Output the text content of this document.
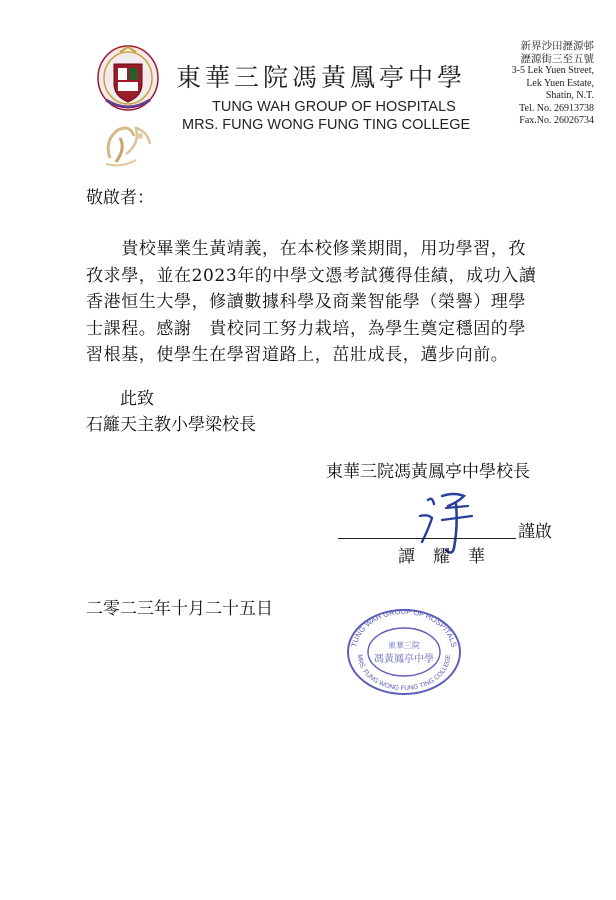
東華三院馮黃鳳亭中學
TUNG WAH GROUP OF HOSPITALS
MRS. FUNG WONG FUNG TING COLLEGE
新界沙田瀝源邨
瀝源街三至五號
3-5 Lek Yuen Street,
Lek Yuen Estate,
Shatin, N.T.
Tel. No. 26913738
Fax.No. 26026734
敬啟者：
　　貴校畢業生黃靖義，在本校修業期間，用功學習，孜
孜求學，並在2023年的中學文憑考試獲得佳績，成功入讀
香港恒生大學，修讀數據科學及商業智能學（榮譽）理學
士課程。感謝　貴校同工努力栽培，為學生奠定穩固的學
習根基，使學生在學習道路上，茁壯成長，邁步向前。
此致
石籬天主教小學梁校長
東華三院馮黃鳳亭中學校長
謹啟
譚耀華
二零二三年十月二十五日
TUNG WAH GROUP OF HOSPITALS
MRS. FUNG WONG FUNG TING COLLEGE
東華三院
馮黃鳳亭中學
